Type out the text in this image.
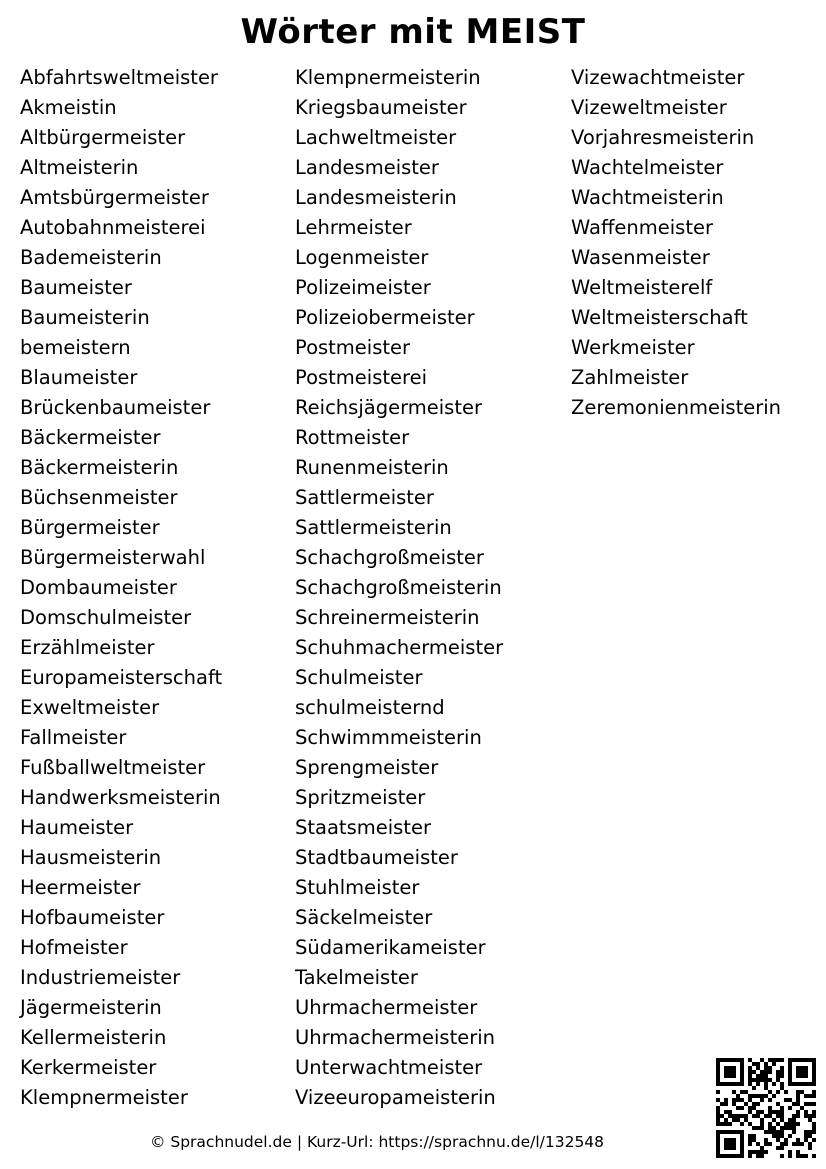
Wörter mit MEIST
Abfahrtsweltmeister
Akmeistin
Altbürgermeister
Altmeisterin
Amtsbürgermeister
Autobahnmeisterei
Bademeisterin
Baumeister
Baumeisterin
bemeistern
Blaumeister
Brückenbaumeister
Bäckermeister
Bäckermeisterin
Büchsenmeister
Bürgermeister
Bürgermeisterwahl
Dombaumeister
Domschulmeister
Erzählmeister
Europameisterschaft
Exweltmeister
Fallmeister
Fußballweltmeister
Handwerksmeisterin
Haumeister
Hausmeisterin
Heermeister
Hofbaumeister
Hofmeister
Industriemeister
Jägermeisterin
Kellermeisterin
Kerkermeister
Klempnermeister
Klempnermeisterin
Kriegsbaumeister
Lachweltmeister
Landesmeister
Landesmeisterin
Lehrmeister
Logenmeister
Polizeimeister
Polizeiobermeister
Postmeister
Postmeisterei
Reichsjägermeister
Rottmeister
Runenmeisterin
Sattlermeister
Sattlermeisterin
Schachgroßmeister
Schachgroßmeisterin
Schreinermeisterin
Schuhmachermeister
Schulmeister
schulmeisternd
Schwimmmeisterin
Sprengmeister
Spritzmeister
Staatsmeister
Stadtbaumeister
Stuhlmeister
Säckelmeister
Südamerikameister
Takelmeister
Uhrmachermeister
Uhrmachermeisterin
Unterwachtmeister
Vizeeuropameisterin
Vizewachtmeister
Vizeweltmeister
Vorjahresmeisterin
Wachtelmeister
Wachtmeisterin
Waffenmeister
Wasenmeister
Weltmeisterelf
Weltmeisterschaft
Werkmeister
Zahlmeister
Zeremonienmeisterin
© Sprachnudel.de | Kurz-Url: https://sprachnu.de/l/132548
